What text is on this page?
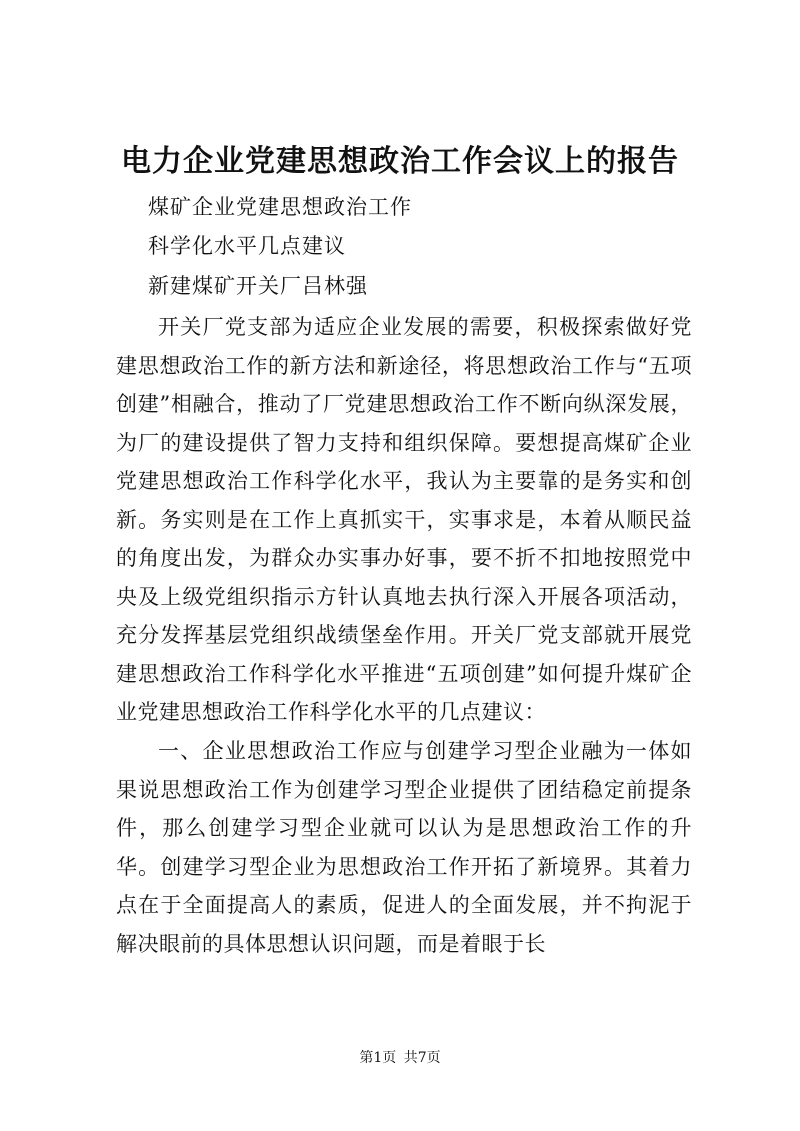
电力企业党建思想政治工作会议上的报告

煤矿企业党建思想政治工作

科学化水平几点建议

新建煤矿开关厂吕林强

开关厂党支部为适应企业发展的需要，积极探索做好党建思想政治工作的新方法和新途径，将思想政治工作与“五项创建”相融合，推动了厂党建思想政治工作不断向纵深发展，为厂的建设提供了智力支持和组织保障。要想提高煤矿企业党建思想政治工作科学化水平，我认为主要靠的是务实和创新。务实则是在工作上真抓实干，实事求是，本着从顺民益的角度出发，为群众办实事办好事，要不折不扣地按照党中央及上级党组织指示方针认真地去执行深入开展各项活动，充分发挥基层党组织战绩堡垒作用。开关厂党支部就开展党建思想政治工作科学化水平推进“五项创建”如何提升煤矿企业党建思想政治工作科学化水平的几点建议：

一、企业思想政治工作应与创建学习型企业融为一体如果说思想政治工作为创建学习型企业提供了团结稳定前提条件，那么创建学习型企业就可以认为是思想政治工作的升华。创建学习型企业为思想政治工作开拓了新境界。其着力点在于全面提高人的素质，促进人的全面发展，并不拘泥于解决眼前的具体思想认识问题，而是着眼于长

第1页 共7页
